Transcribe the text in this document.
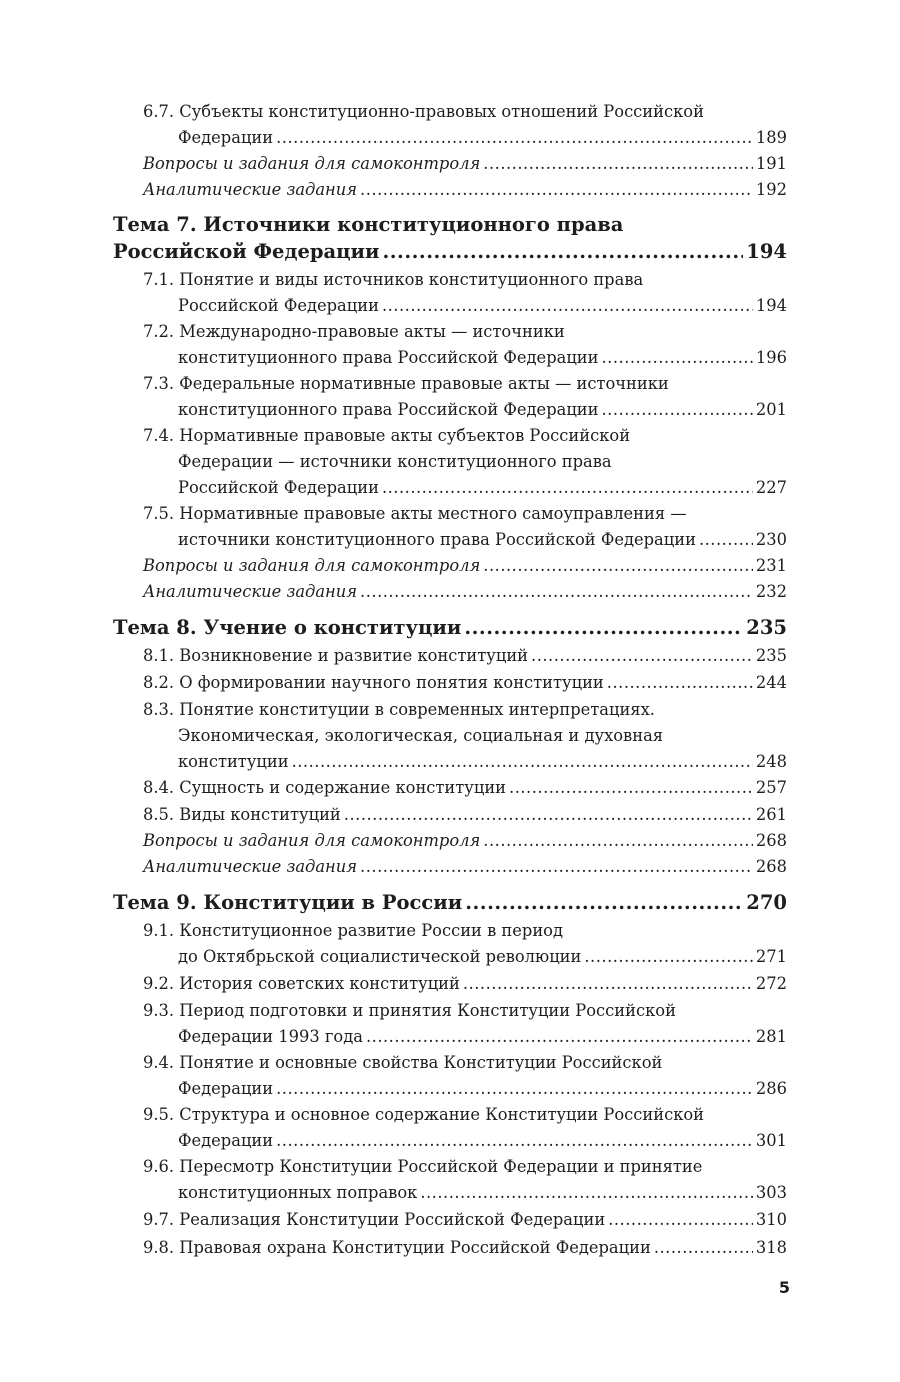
6.7. Субъекты конституционно-правовых отношений Российской
Федерации .....	189
Вопросы и задания для самоконтроля .....	191
Аналитические задания .....	192
Тема 7. Источники конституционного права
Российской Федерации .....	194
7.1. Понятие и виды источников конституционного права
Российской Федерации .....	194
7.2. Международно-правовые акты — источники
конституционного права Российской Федерации .....	196
7.3. Федеральные нормативные правовые акты — источники
конституционного права Российской Федерации .....	201
7.4. Нормативные правовые акты субъектов Российской
Федерации — источники конституционного права
Российской Федерации .....	227
7.5. Нормативные правовые акты местного самоуправления —
источники конституционного права Российской Федерации .....	230
Вопросы и задания для самоконтроля .....	231
Аналитические задания .....	232
Тема 8. Учение о конституции .....	235
8.1. Возникновение и развитие конституций .....	235
8.2. О формировании научного понятия конституции .....	244
8.3. Понятие конституции в современных интерпретациях.
Экономическая, экологическая, социальная и духовная
конституции .....	248
8.4. Сущность и содержание конституции .....	257
8.5. Виды конституций .....	261
Вопросы и задания для самоконтроля .....	268
Аналитические задания .....	268
Тема 9. Конституции в России .....	270
9.1. Конституционное развитие России в период
до Октябрьской социалистической революции .....	271
9.2. История советских конституций .....	272
9.3. Период подготовки и принятия Конституции Российской
Федерации 1993 года .....	281
9.4. Понятие и основные свойства Конституции Российской
Федерации .....	286
9.5. Структура и основное содержание Конституции Российской
Федерации .....	301
9.6. Пересмотр Конституции Российской Федерации и принятие
конституционных поправок .....	303
9.7. Реализация Конституции Российской Федерации .....	310
9.8. Правовая охрана Конституции Российской Федерации .....	318
5
